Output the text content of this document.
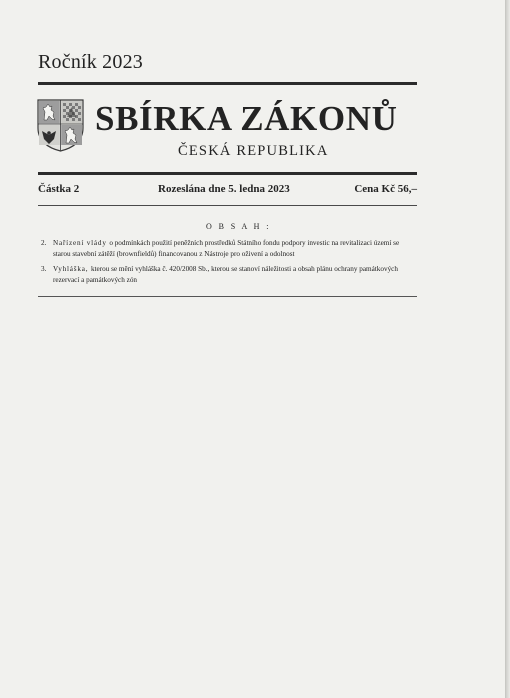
Ročník 2023
SBÍRKA ZÁKONŮ
ČESKÁ REPUBLIKA
Částka 2	Rozeslána dne 5. ledna 2023	Cena Kč 56,–
O B S A H :
2. Nařízení vlády o podmínkách použití peněžních prostředků Státního fondu podpory investic na revitalizaci území se starou stavební zátěží (brownfieldů) financovanou z Nástroje pro oživení a odolnost
3. Vyhláška, kterou se mění vyhláška č. 420/2008 Sb., kterou se stanoví náležitosti a obsah plánu ochrany památkových rezervací a památkových zón
